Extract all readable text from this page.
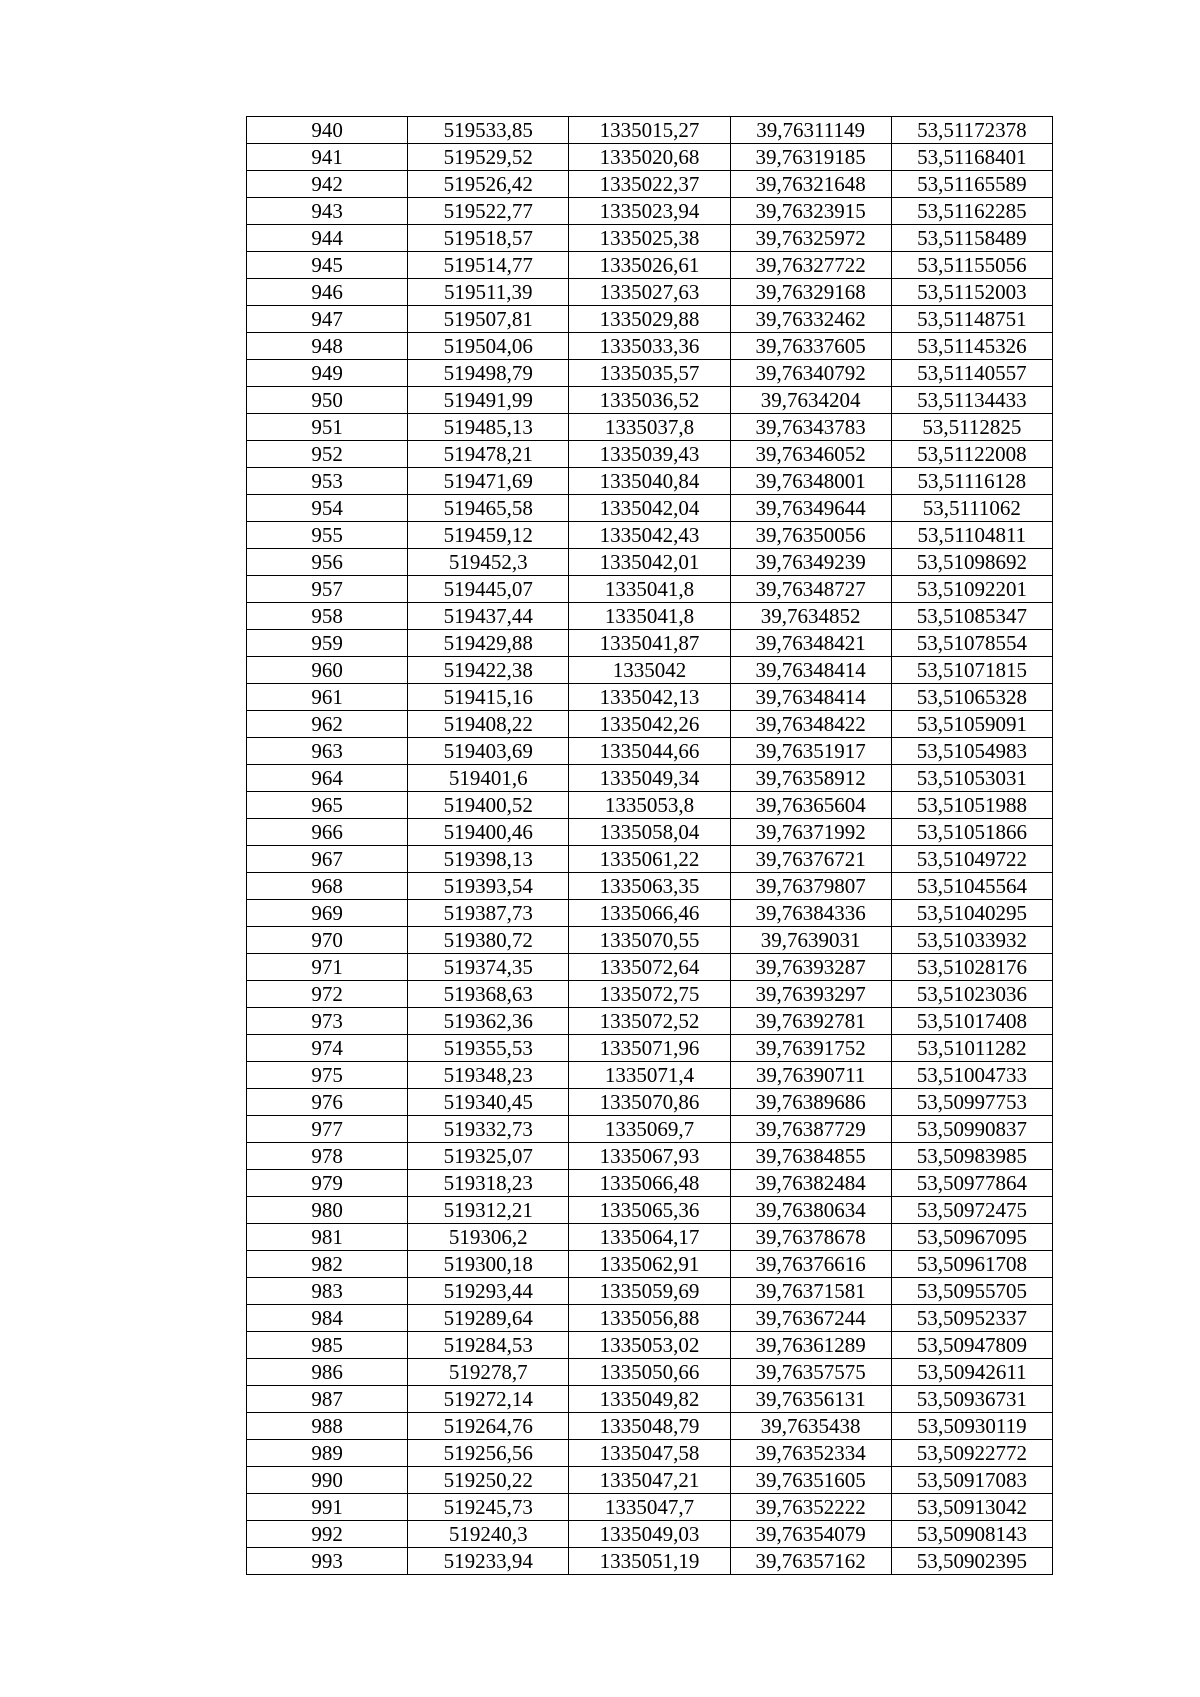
940	519533,85	1335015,27	39,76311149	53,51172378
941	519529,52	1335020,68	39,76319185	53,51168401
942	519526,42	1335022,37	39,76321648	53,51165589
943	519522,77	1335023,94	39,76323915	53,51162285
944	519518,57	1335025,38	39,76325972	53,51158489
945	519514,77	1335026,61	39,76327722	53,51155056
946	519511,39	1335027,63	39,76329168	53,51152003
947	519507,81	1335029,88	39,76332462	53,51148751
948	519504,06	1335033,36	39,76337605	53,51145326
949	519498,79	1335035,57	39,76340792	53,51140557
950	519491,99	1335036,52	39,7634204	53,51134433
951	519485,13	1335037,8	39,76343783	53,5112825
952	519478,21	1335039,43	39,76346052	53,51122008
953	519471,69	1335040,84	39,76348001	53,51116128
954	519465,58	1335042,04	39,76349644	53,5111062
955	519459,12	1335042,43	39,76350056	53,51104811
956	519452,3	1335042,01	39,76349239	53,51098692
957	519445,07	1335041,8	39,76348727	53,51092201
958	519437,44	1335041,8	39,7634852	53,51085347
959	519429,88	1335041,87	39,76348421	53,51078554
960	519422,38	1335042	39,76348414	53,51071815
961	519415,16	1335042,13	39,76348414	53,51065328
962	519408,22	1335042,26	39,76348422	53,51059091
963	519403,69	1335044,66	39,76351917	53,51054983
964	519401,6	1335049,34	39,76358912	53,51053031
965	519400,52	1335053,8	39,76365604	53,51051988
966	519400,46	1335058,04	39,76371992	53,51051866
967	519398,13	1335061,22	39,76376721	53,51049722
968	519393,54	1335063,35	39,76379807	53,51045564
969	519387,73	1335066,46	39,76384336	53,51040295
970	519380,72	1335070,55	39,7639031	53,51033932
971	519374,35	1335072,64	39,76393287	53,51028176
972	519368,63	1335072,75	39,76393297	53,51023036
973	519362,36	1335072,52	39,76392781	53,51017408
974	519355,53	1335071,96	39,76391752	53,51011282
975	519348,23	1335071,4	39,76390711	53,51004733
976	519340,45	1335070,86	39,76389686	53,50997753
977	519332,73	1335069,7	39,76387729	53,50990837
978	519325,07	1335067,93	39,76384855	53,50983985
979	519318,23	1335066,48	39,76382484	53,50977864
980	519312,21	1335065,36	39,76380634	53,50972475
981	519306,2	1335064,17	39,76378678	53,50967095
982	519300,18	1335062,91	39,76376616	53,50961708
983	519293,44	1335059,69	39,76371581	53,50955705
984	519289,64	1335056,88	39,76367244	53,50952337
985	519284,53	1335053,02	39,76361289	53,50947809
986	519278,7	1335050,66	39,76357575	53,50942611
987	519272,14	1335049,82	39,76356131	53,50936731
988	519264,76	1335048,79	39,7635438	53,50930119
989	519256,56	1335047,58	39,76352334	53,50922772
990	519250,22	1335047,21	39,76351605	53,50917083
991	519245,73	1335047,7	39,76352222	53,50913042
992	519240,3	1335049,03	39,76354079	53,50908143
993	519233,94	1335051,19	39,76357162	53,50902395
